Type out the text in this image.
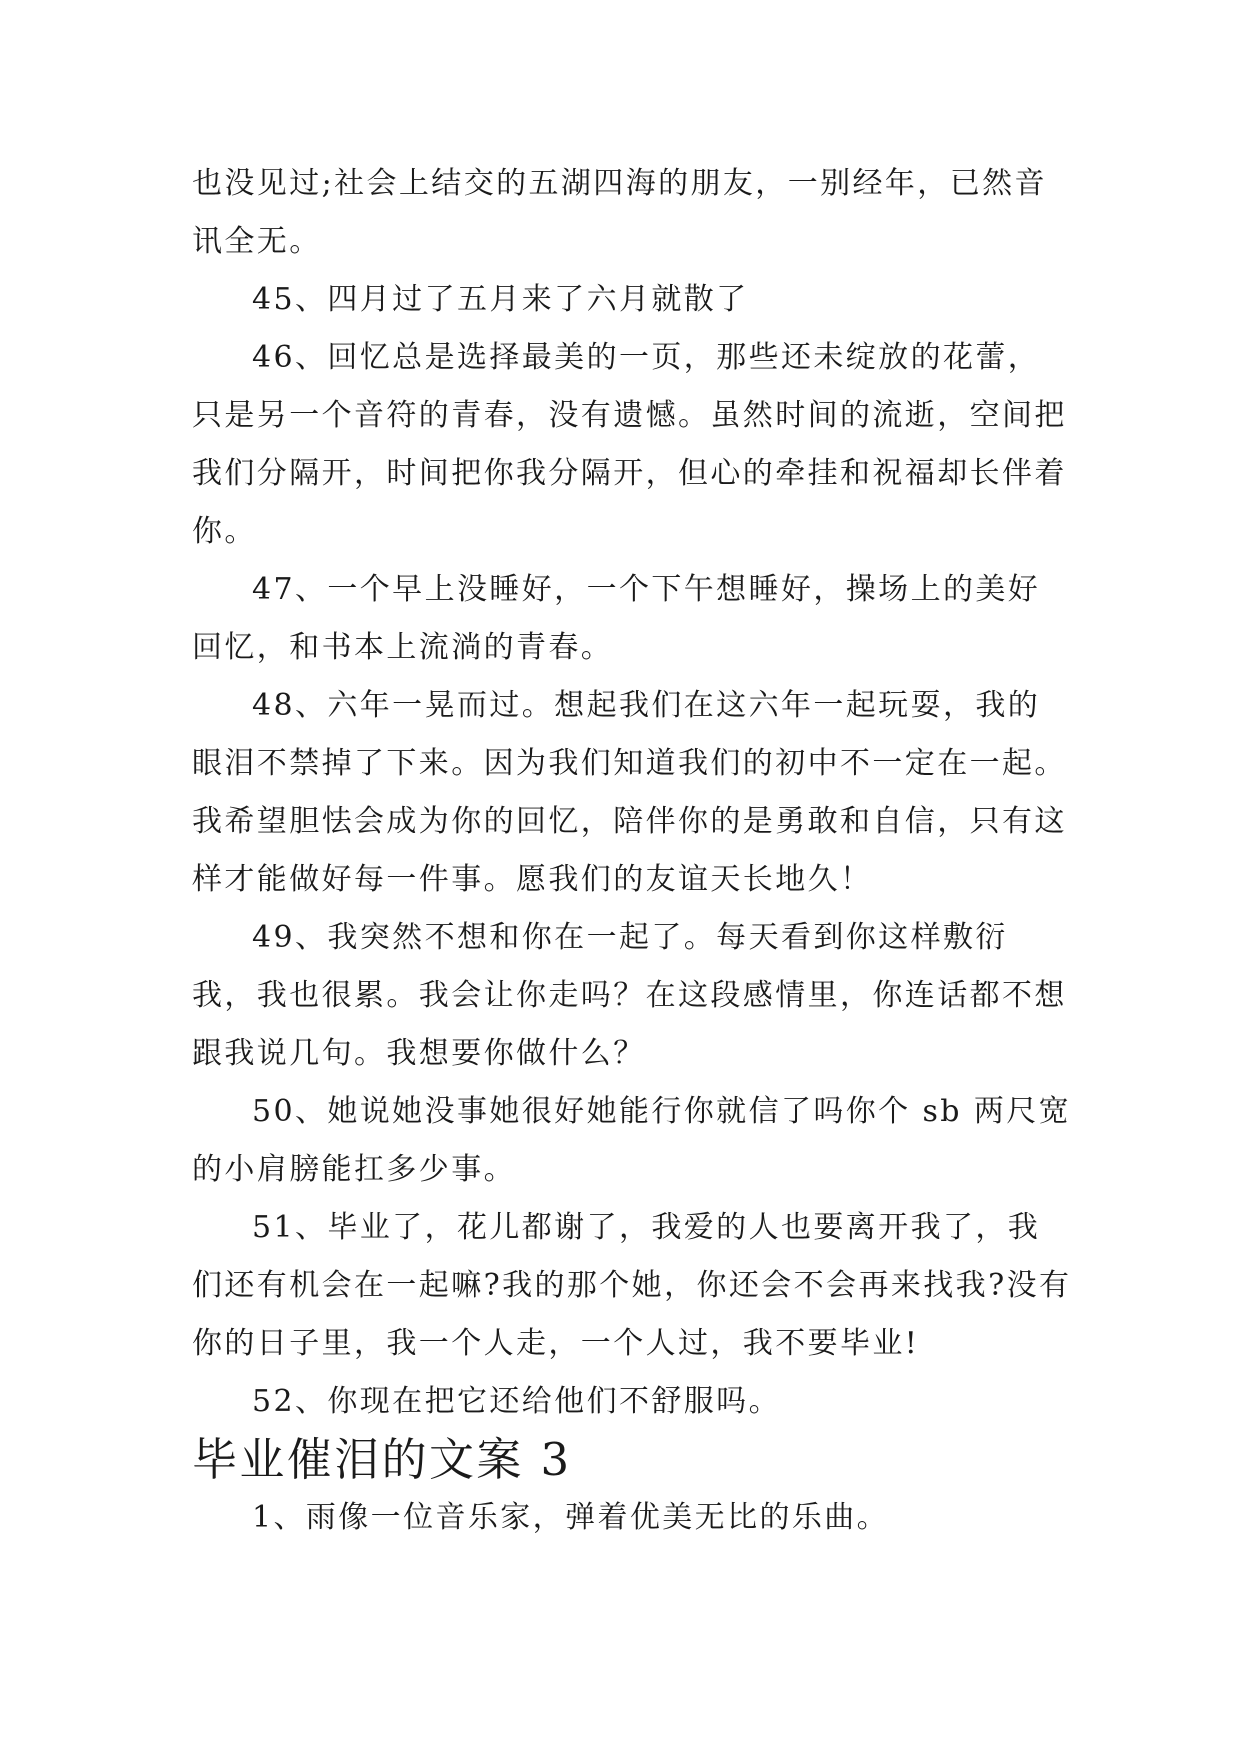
也没见过;社会上结交的五湖四海的朋友，一别经年，已然音讯全无。

45、四月过了五月来了六月就散了

46、回忆总是选择最美的一页，那些还未绽放的花蕾，只是另一个音符的青春，没有遗憾。虽然时间的流逝，空间把我们分隔开，时间把你我分隔开，但心的牵挂和祝福却长伴着你。

47、一个早上没睡好，一个下午想睡好，操场上的美好回忆，和书本上流淌的青春。

48、六年一晃而过。想起我们在这六年一起玩耍，我的眼泪不禁掉了下来。因为我们知道我们的初中不一定在一起。我希望胆怯会成为你的回忆，陪伴你的是勇敢和自信，只有这样才能做好每一件事。愿我们的友谊天长地久！

49、我突然不想和你在一起了。每天看到你这样敷衍我，我也很累。我会让你走吗？在这段感情里，你连话都不想跟我说几句。我想要你做什么？

50、她说她没事她很好她能行你就信了吗你个 sb 两尺宽的小肩膀能扛多少事。

51、毕业了，花儿都谢了，我爱的人也要离开我了，我们还有机会在一起嘛?我的那个她，你还会不会再来找我?没有你的日子里，我一个人走，一个人过，我不要毕业!

52、你现在把它还给他们不舒服吗。

毕业催泪的文案 3

1、雨像一位音乐家，弹着优美无比的乐曲。
